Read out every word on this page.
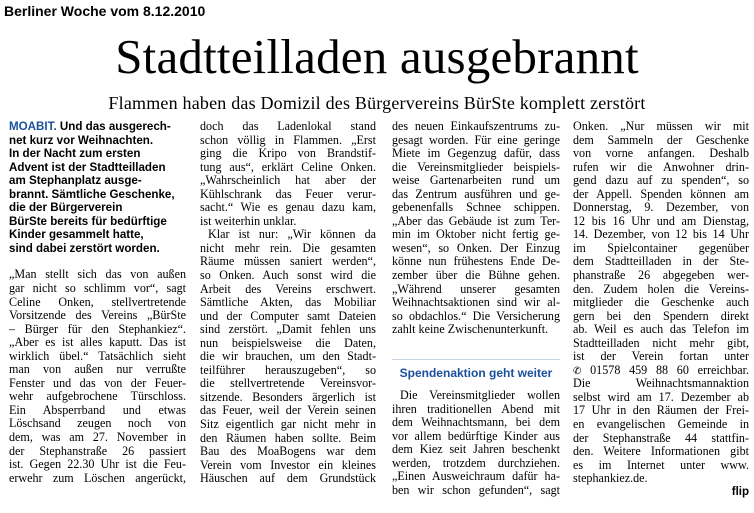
Berliner Woche vom 8.12.2010
Stadtteilladen ausgebrannt
Flammen haben das Domizil des Bürgervereins BürSte komplett zerstört
MOABIT. Und das ausgerech-
net kurz vor Weihnachten.
In der Nacht zum ersten
Advent ist der Stadtteilladen
am Stephanplatz ausge-
brannt. Sämtliche Geschenke,
die der Bürgerverein
BürSte bereits für bedürftige
Kinder gesammelt hatte,
sind dabei zerstört worden.
„Man stellt sich das von außen
gar nicht so schlimm vor“, sagt
Celine Onken, stellvertretende
Vorsitzende des Vereins „BürSte
– Bürger für den Stephankiez“.
„Aber es ist alles kaputt. Das ist
wirklich übel.“ Tatsächlich sieht
man von außen nur verrußte
Fenster und das von der Feuer-
wehr aufgebrochene Türschloss.
Ein Absperrband und etwas
Löschsand zeugen noch von
dem, was am 27. November in
der Stephanstraße 26 passiert
ist. Gegen 22.30 Uhr ist die Feu-
erwehr zum Löschen angerückt,
doch das Ladenlokal stand
schon völlig in Flammen. „Erst
ging die Kripo von Brandstif-
tung aus“, erklärt Celine Onken.
„Wahrscheinlich hat aber der
Kühlschrank das Feuer verur-
sacht.“ Wie es genau dazu kam,
ist weiterhin unklar.
Klar ist nur: „Wir können da
nicht mehr rein. Die gesamten
Räume müssen saniert werden“,
so Onken. Auch sonst wird die
Arbeit des Vereins erschwert.
Sämtliche Akten, das Mobiliar
und der Computer samt Dateien
sind zerstört. „Damit fehlen uns
nun beispielsweise die Daten,
die wir brauchen, um den Stadt-
teilführer herauszugeben“, so
die stellvertretende Vereinsvor-
sitzende. Besonders ärgerlich ist
das Feuer, weil der Verein seinen
Sitz eigentlich gar nicht mehr in
den Räumen haben sollte. Beim
Bau des MoaBogens war dem
Verein vom Investor ein kleines
Häuschen auf dem Grundstück
des neuen Einkaufszentrums zu-
gesagt worden. Für eine geringe
Miete im Gegenzug dafür, dass
die Vereinsmitglieder beispiels-
weise Gartenarbeiten rund um
das Zentrum ausführen und ge-
gebenenfalls Schnee schippen.
„Aber das Gebäude ist zum Ter-
min im Oktober nicht fertig ge-
wesen“, so Onken. Der Einzug
könne nun frühestens Ende De-
zember über die Bühne gehen.
„Während unserer gesamten
Weihnachtsaktionen sind wir al-
so obdachlos.“ Die Versicherung
zahlt keine Zwischenunterkunft.
Spendenaktion geht weiter
Die Vereinsmitglieder wollen
ihren traditionellen Abend mit
dem Weihnachtsmann, bei dem
vor allem bedürftige Kinder aus
dem Kiez seit Jahren beschenkt
werden, trotzdem durchziehen.
„Einen Ausweichraum dafür ha-
ben wir schon gefunden“, sagt
Onken. „Nur müssen wir mit
dem Sammeln der Geschenke
von vorne anfangen. Deshalb
rufen wir die Anwohner drin-
gend dazu auf zu spenden“, so
der Appell. Spenden können am
Donnerstag, 9. Dezember, von
12 bis 16 Uhr und am Dienstag,
14. Dezember, von 12 bis 14 Uhr
im Spielcontainer gegenüber
dem Stadtteilladen in der Ste-
phanstraße 26 abgegeben wer-
den. Zudem holen die Vereins-
mitglieder die Geschenke auch
gern bei den Spendern direkt
ab. Weil es auch das Telefon im
Stadtteilladen nicht mehr gibt,
ist der Verein fortan unter
✆ 01578 459 88 60 erreichbar.
Die Weihnachtsmannaktion
selbst wird am 17. Dezember ab
17 Uhr in den Räumen der Frei-
en evangelischen Gemeinde in
der Stephanstraße 44 stattfin-
den. Weitere Informationen gibt
es im Internet unter www.
stephankiez.de.
flip
